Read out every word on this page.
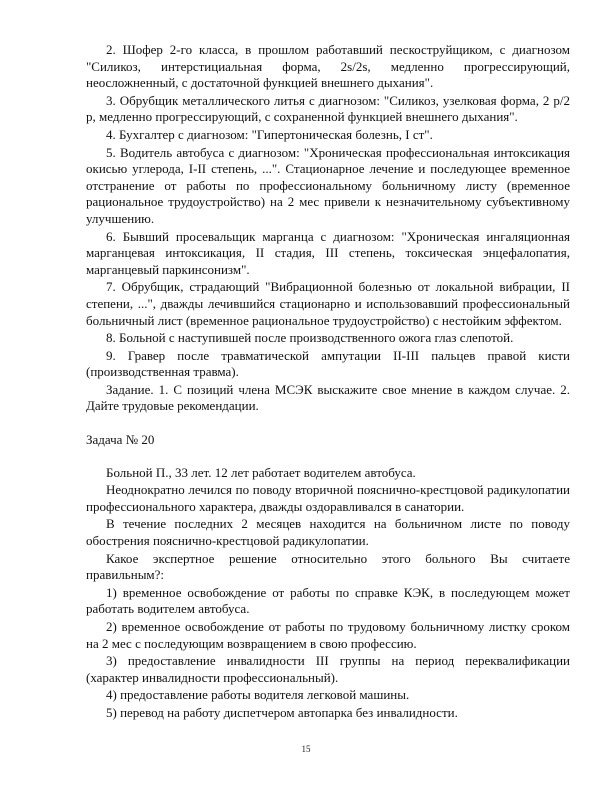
2. Шофер 2-го класса, в прошлом работавший пескоструйщиком, с диагнозом "Силикоз, интерстициальная форма, 2s/2s, медленно прогрессирующий, неосложненный, с достаточной функцией внешнего дыхания".

3. Обрубщик металлического литья с диагнозом: "Силикоз, узелковая форма, 2 р/2 р, медленно прогрессирующий, с сохраненной функцией внешнего дыхания".

4. Бухгалтер с диагнозом: "Гипертоническая болезнь, I ст".

5. Водитель автобуса с диагнозом: "Хроническая профессиональная интоксикация окисью углерода, I-II степень, ...". Стационарное лечение и последующее временное отстранение от работы по профессиональному больничному листу (временное рациональное трудоустройство) на 2 мес привели к незначительному субъективному улучшению.

6. Бывший просевальщик марганца с диагнозом: "Хроническая ингаляционная марганцевая интоксикация, II стадия, III степень, токсическая энцефалопатия, марганцевый паркинсонизм".

7. Обрубщик, страдающий "Вибрационной болезнью от локальной вибрации, II степени, ...", дважды лечившийся стационарно и использовавший профессиональный больничный лист (временное рациональное трудоустройство) с нестойким эффектом.

8. Больной с наступившей после производственного ожога глаз слепотой.

9. Гравер после травматической ампутации II-III пальцев правой кисти (производственная травма).

Задание. 1. С позиций члена МСЭК выскажите свое мнение в каждом случае. 2. Дайте трудовые рекомендации.

Задача № 20

Больной П., 33 лет. 12 лет работает водителем автобуса.

Неоднократно лечился по поводу вторичной пояснично-крестцовой радикулопатии профессионального характера, дважды оздоравливался в санатории.

В течение последних 2 месяцев находится на больничном листе по поводу обострения пояснично-крестцовой радикулопатии.

Какое экспертное решение относительно этого больного Вы считаете правильным?:

1) временное освобождение от работы по справке КЭК, в последующем может работать водителем автобуса.

2) временное освобождение от работы по трудовому больничному листку сроком на 2 мес с последующим возвращением в свою профессию.

3) предоставление инвалидности III группы на период переквалификации (характер инвалидности профессиональный).

4) предоставление работы водителя легковой машины.

5) перевод на работу диспетчером автопарка без инвалидности.

15
